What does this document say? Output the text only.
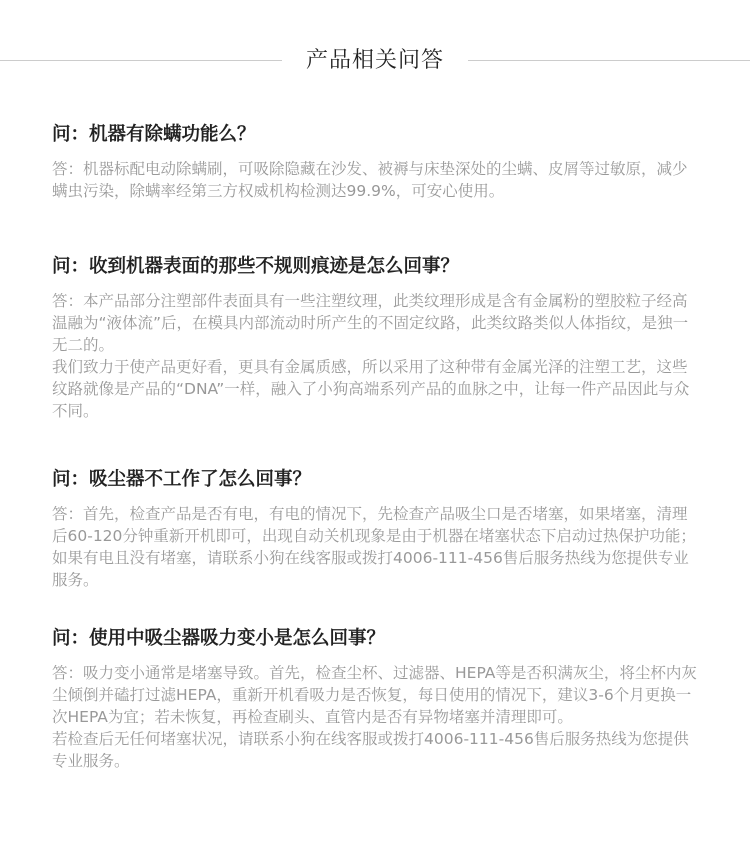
产品相关问答
问：机器有除螨功能么？

答：机器标配电动除螨刷，可吸除隐藏在沙发、被褥与床垫深处的尘螨、皮屑等过敏原，减少螨虫污染，除螨率经第三方权威机构检测达99.9%，可安心使用。

问：收到机器表面的那些不规则痕迹是怎么回事？

答：本产品部分注塑部件表面具有一些注塑纹理，此类纹理形成是含有金属粉的塑胶粒子经高温融为“液体流”后，在模具内部流动时所产生的不固定纹路，此类纹路类似人体指纹，是独一无二的。

我们致力于使产品更好看，更具有金属质感，所以采用了这种带有金属光泽的注塑工艺，这些纹路就像是产品的“DNA”一样，融入了小狗高端系列产品的血脉之中，让每一件产品因此与众不同。

问：吸尘器不工作了怎么回事？

答：首先，检查产品是否有电，有电的情况下，先检查产品吸尘口是否堵塞，如果堵塞，清理后60-120分钟重新开机即可，出现自动关机现象是由于机器在堵塞状态下启动过热保护功能；如果有电且没有堵塞，请联系小狗在线客服或拨打4006-111-456售后服务热线为您提供专业服务。

问：使用中吸尘器吸力变小是怎么回事？

答：吸力变小通常是堵塞导致。首先，检查尘杯、过滤器、HEPA等是否积满灰尘，将尘杯内灰尘倾倒并磕打过滤HEPA，重新开机看吸力是否恢复，每日使用的情况下，建议3-6个月更换一次HEPA为宜；若未恢复，再检查刷头、直管内是否有异物堵塞并清理即可。

若检查后无任何堵塞状况，请联系小狗在线客服或拨打4006-111-456售后服务热线为您提供专业服务。
